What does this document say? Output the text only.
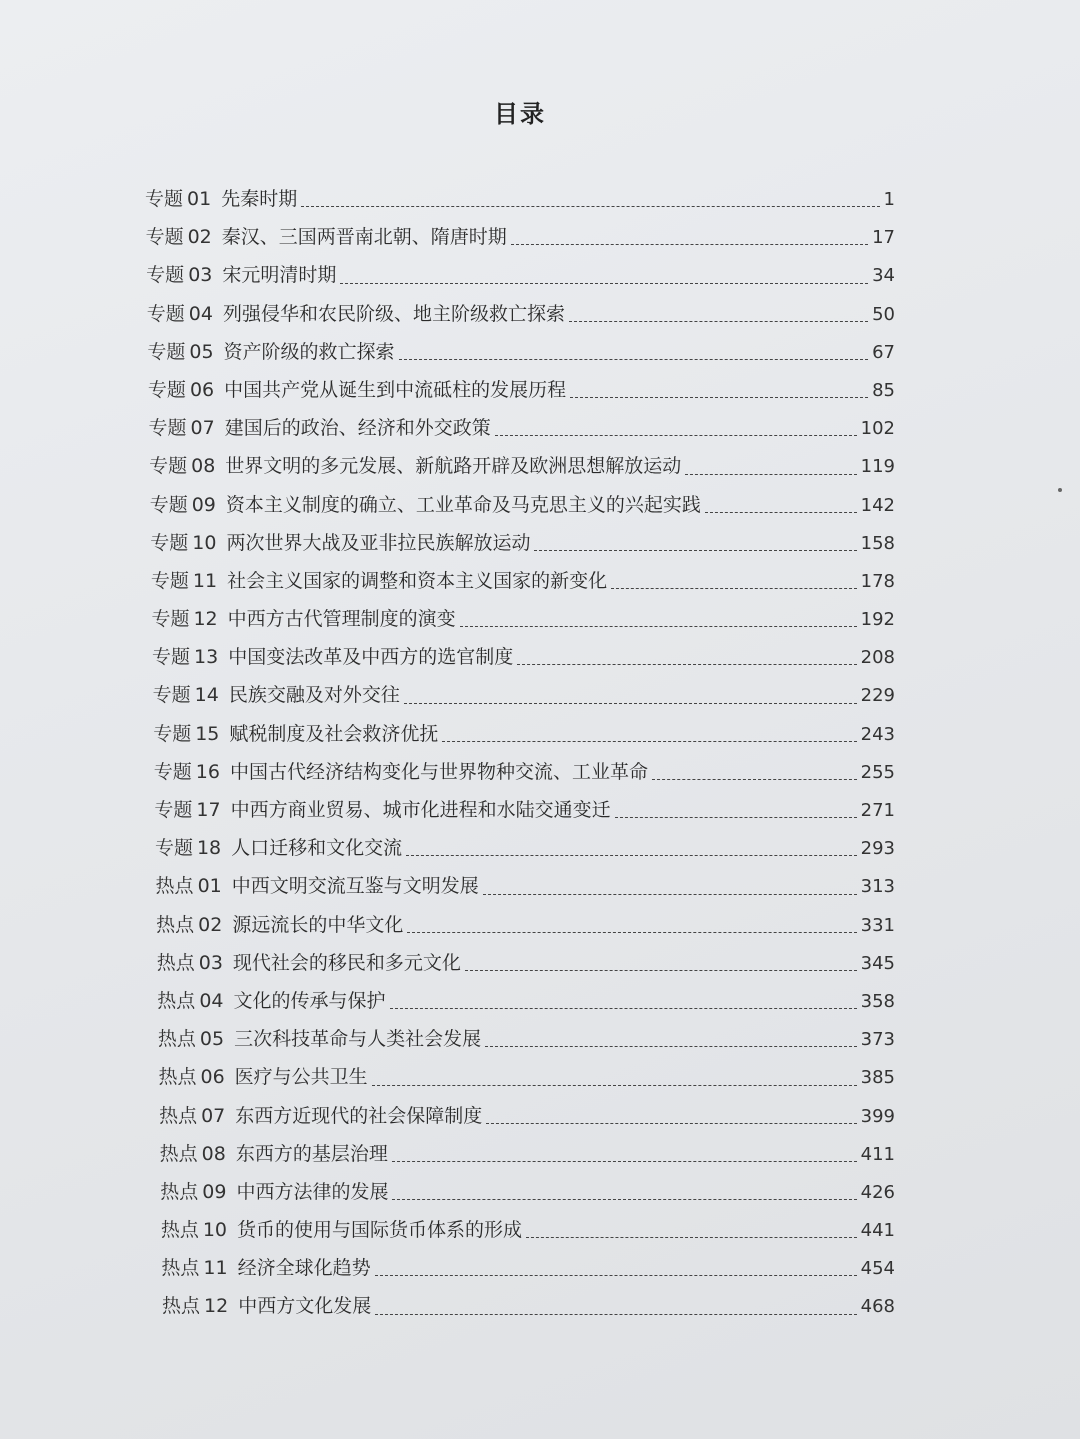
目录
专题 01 先秦时期	1
专题 02 秦汉、三国两晋南北朝、隋唐时期	17
专题 03 宋元明清时期	34
专题 04 列强侵华和农民阶级、地主阶级救亡探索	50
专题 05 资产阶级的救亡探索	67
专题 06 中国共产党从诞生到中流砥柱的发展历程	85
专题 07 建国后的政治、经济和外交政策	102
专题 08 世界文明的多元发展、新航路开辟及欧洲思想解放运动	119
专题 09 资本主义制度的确立、工业革命及马克思主义的兴起实践	142
专题 10 两次世界大战及亚非拉民族解放运动	158
专题 11 社会主义国家的调整和资本主义国家的新变化	178
专题 12 中西方古代管理制度的演变	192
专题 13 中国变法改革及中西方的选官制度	208
专题 14 民族交融及对外交往	229
专题 15 赋税制度及社会救济优抚	243
专题 16 中国古代经济结构变化与世界物种交流、工业革命	255
专题 17 中西方商业贸易、城市化进程和水陆交通变迁	271
专题 18 人口迁移和文化交流	293
热点 01 中西文明交流互鉴与文明发展	313
热点 02 源远流长的中华文化	331
热点 03 现代社会的移民和多元文化	345
热点 04 文化的传承与保护	358
热点 05 三次科技革命与人类社会发展	373
热点 06 医疗与公共卫生	385
热点 07 东西方近现代的社会保障制度	399
热点 08 东西方的基层治理	411
热点 09 中西方法律的发展	426
热点 10 货币的使用与国际货币体系的形成	441
热点 11 经济全球化趋势	454
热点 12 中西方文化发展	468
